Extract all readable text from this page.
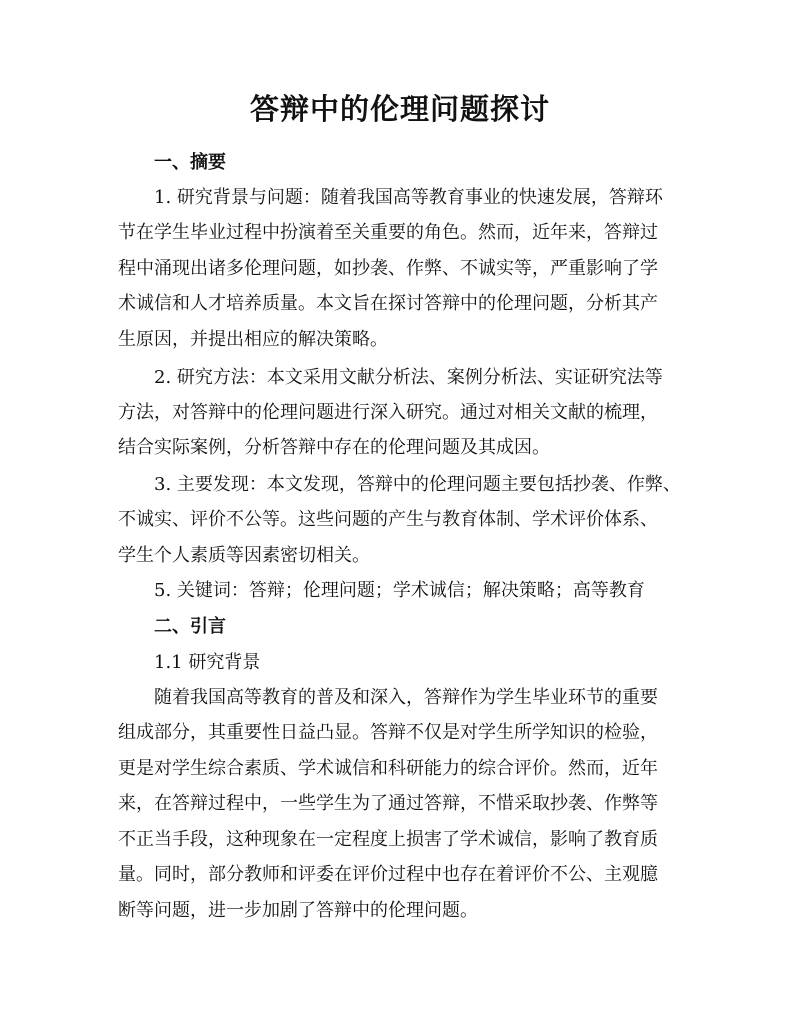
答辩中的伦理问题探讨

一、摘要

1. 研究背景与问题：随着我国高等教育事业的快速发展，答辩环

节在学生毕业过程中扮演着至关重要的角色。然而，近年来，答辩过

程中涌现出诸多伦理问题，如抄袭、作弊、不诚实等，严重影响了学

术诚信和人才培养质量。本文旨在探讨答辩中的伦理问题，分析其产

生原因，并提出相应的解决策略。

2. 研究方法：本文采用文献分析法、案例分析法、实证研究法等

方法，对答辩中的伦理问题进行深入研究。通过对相关文献的梳理，

结合实际案例，分析答辩中存在的伦理问题及其成因。

3. 主要发现：本文发现，答辩中的伦理问题主要包括抄袭、作弊、

不诚实、评价不公等。这些问题的产生与教育体制、学术评价体系、

学生个人素质等因素密切相关。

5. 关键词：答辩；伦理问题；学术诚信；解决策略；高等教育

二、引言

1.1 研究背景

随着我国高等教育的普及和深入，答辩作为学生毕业环节的重要

组成部分，其重要性日益凸显。答辩不仅是对学生所学知识的检验，

更是对学生综合素质、学术诚信和科研能力的综合评价。然而，近年

来，在答辩过程中，一些学生为了通过答辩，不惜采取抄袭、作弊等

不正当手段，这种现象在一定程度上损害了学术诚信，影响了教育质

量。同时，部分教师和评委在评价过程中也存在着评价不公、主观臆

断等问题，进一步加剧了答辩中的伦理问题。
